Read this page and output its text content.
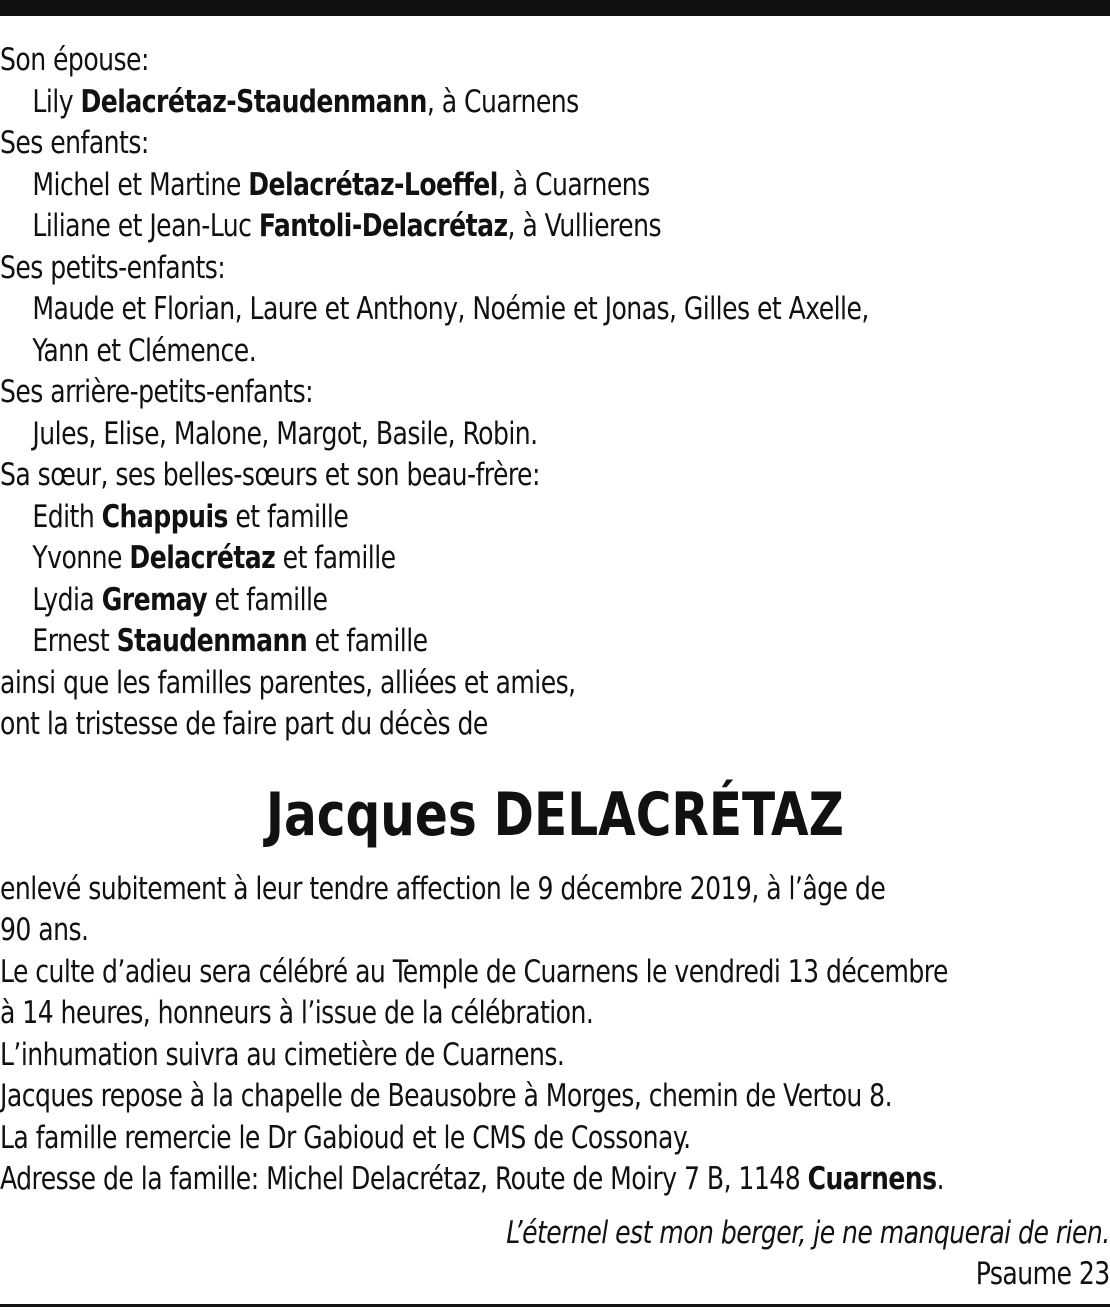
Son épouse:
Lily Delacrétaz-Staudenmann, à Cuarnens
Ses enfants:
Michel et Martine Delacrétaz-Loeffel, à Cuarnens
Liliane et Jean-Luc Fantoli-Delacrétaz, à Vullierens
Ses petits-enfants:
Maude et Florian, Laure et Anthony, Noémie et Jonas, Gilles et Axelle,
Yann et Clémence.
Ses arrière-petits-enfants:
Jules, Elise, Malone, Margot, Basile, Robin.
Sa sœur, ses belles-sœurs et son beau-frère:
Edith Chappuis et famille
Yvonne Delacrétaz et famille
Lydia Gremay et famille
Ernest Staudenmann et famille
ainsi que les familles parentes, alliées et amies,
ont la tristesse de faire part du décès de
Jacques DELACRÉTAZ
enlevé subitement à leur tendre affection le 9 décembre 2019, à l’âge de
90 ans.
Le culte d’adieu sera célébré au Temple de Cuarnens le vendredi 13 décembre
à 14 heures, honneurs à l’issue de la célébration.
L’inhumation suivra au cimetière de Cuarnens.
Jacques repose à la chapelle de Beausobre à Morges, chemin de Vertou 8.
La famille remercie le Dr Gabioud et le CMS de Cossonay.
Adresse de la famille: Michel Delacrétaz, Route de Moiry 7 B, 1148 Cuarnens.
L’éternel est mon berger, je ne manquerai de rien.
Psaume 23
